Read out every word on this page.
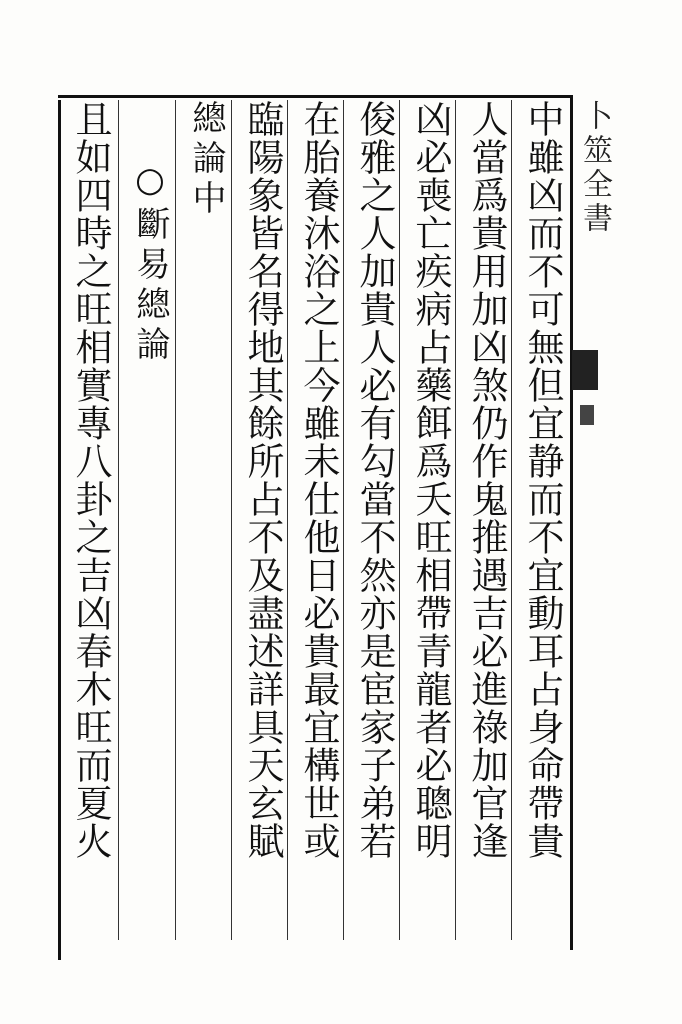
卜筮全書
中雖凶而不可無但宜静而不宜動耳占身命帶貴
人當爲貴用加凶煞仍作鬼推遇吉必進祿加官逢
凶必喪亡疾病占藥餌爲夭旺相帶青龍者必聰明
俊雅之人加貴人必有勾當不然亦是宦家子弟若
在胎養沐浴之上今雖未仕他日必貴最宜構世或
臨陽象皆名得地其餘所占不及盡述詳具天玄賦
總論中
○斷易總論
且如四時之旺相實專八卦之吉凶春木旺而夏火
